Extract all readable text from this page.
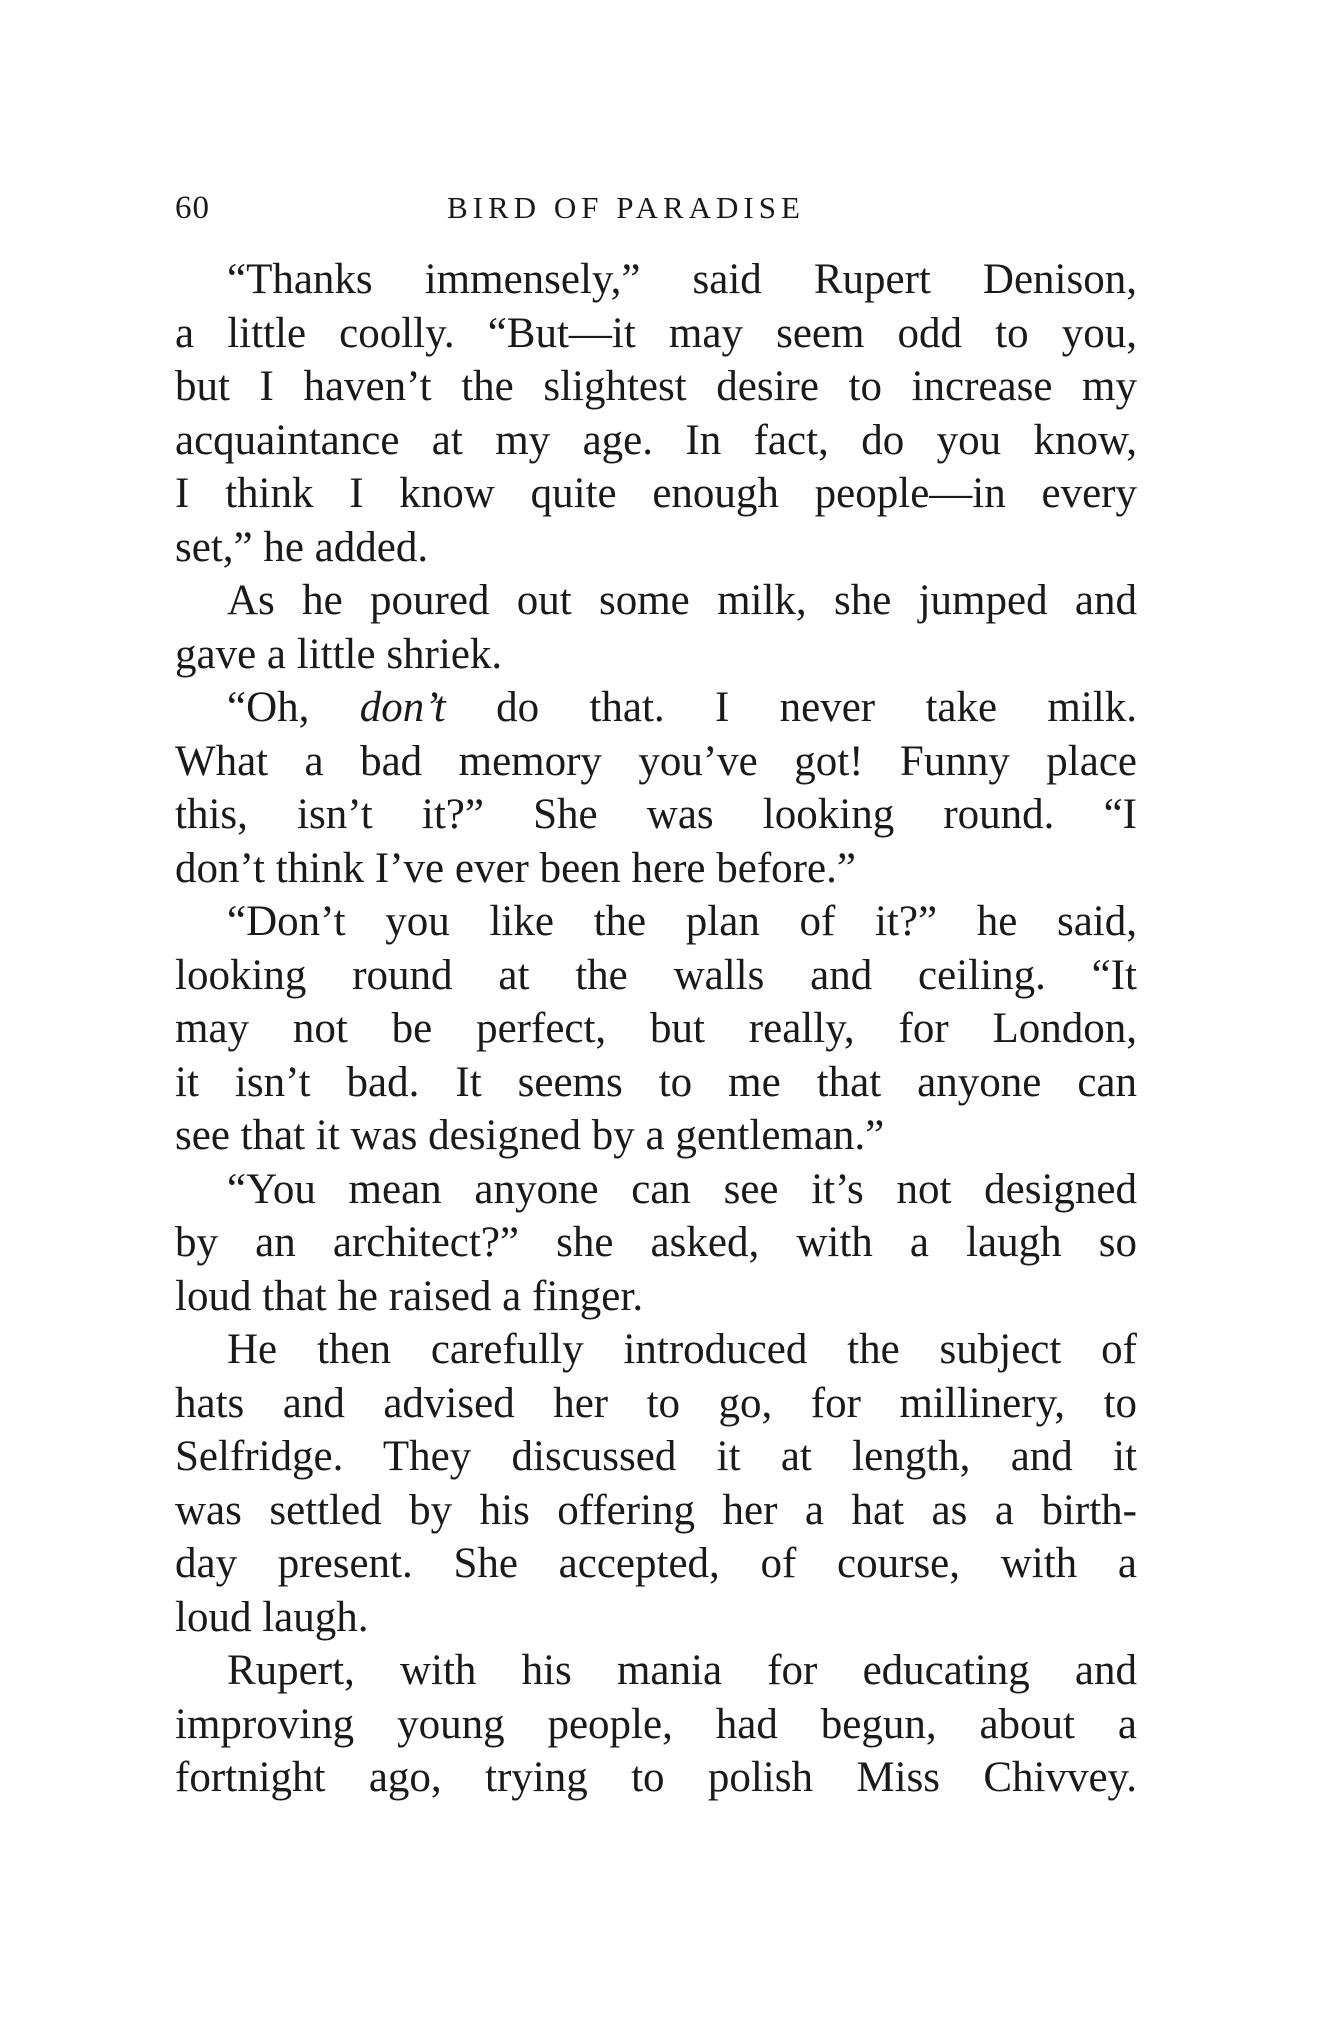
60	BIRD OF PARADISE
“Thanks immensely,” said Rupert Denison,
a little coolly. “But—it may seem odd to you,
but I haven’t the slightest desire to increase my
acquaintance at my age. In fact, do you know,
I think I know quite enough people—in every
set,” he added.
As he poured out some milk, she jumped and
gave a little shriek.
“Oh, don’t do that. I never take milk.
What a bad memory you’ve got! Funny place
this, isn’t it?” She was looking round. “I
don’t think I’ve ever been here before.”
“Don’t you like the plan of it?” he said,
looking round at the walls and ceiling. “It
may not be perfect, but really, for London,
it isn’t bad. It seems to me that anyone can
see that it was designed by a gentleman.”
“You mean anyone can see it’s not designed
by an architect?” she asked, with a laugh so
loud that he raised a finger.
He then carefully introduced the subject of
hats and advised her to go, for millinery, to
Selfridge. They discussed it at length, and it
was settled by his offering her a hat as a birth-
day present. She accepted, of course, with a
loud laugh.
Rupert, with his mania for educating and
improving young people, had begun, about a
fortnight ago, trying to polish Miss Chivvey.
